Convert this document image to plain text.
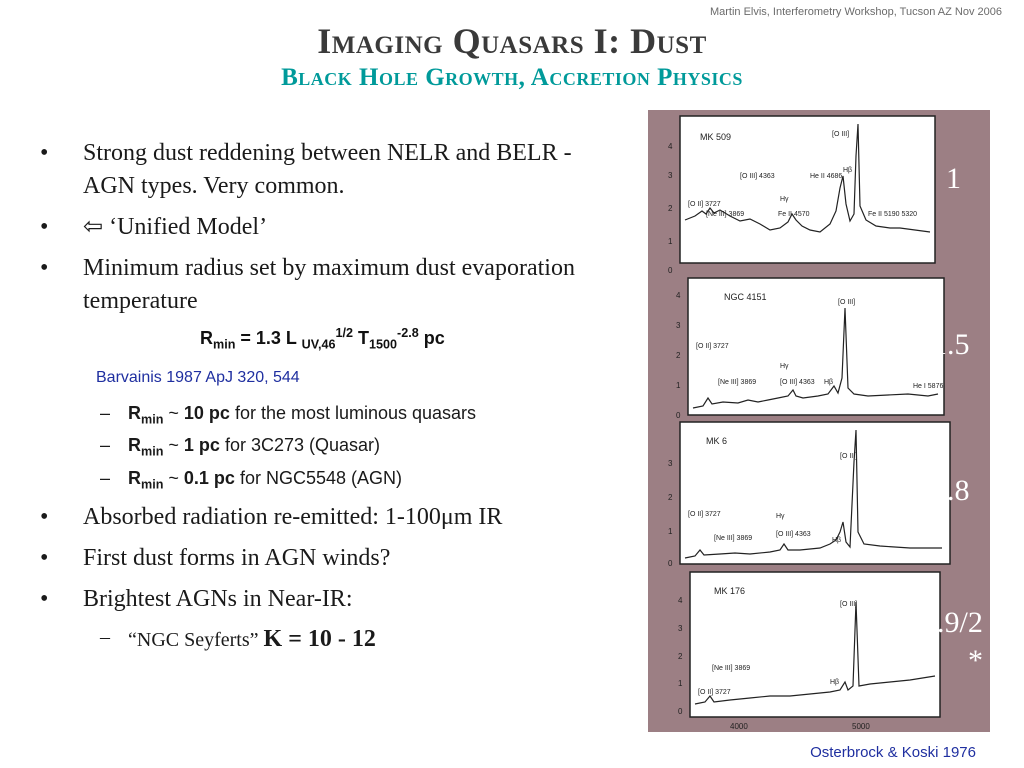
Martin Elvis, Interferometry Workshop, Tucson AZ Nov 2006
Imaging Quasars I: Dust
Black Hole Growth, Accretion Physics
• Strong dust reddening between NELR and BELR - AGN types. Very common.
• ⇦ ‘Unified Model’
• Minimum radius set by maximum dust evaporation temperature
$R_{min} = 1.3$ L $_{UV,46}^{1/2}$ $T_{1500}^{-2.8}$ pc
Barvainis 1987 ApJ 320, 544
– $R_{min}$ ~ 10 pc for the most luminous quasars
– $R_{min}$ ~ 1 pc for 3C273 (Quasar)
– $R_{min}$ ~ 0.1 pc for NGC5548 (AGN)
• Absorbed radiation re-emitted: 1-100μm IR
• First dust forms in AGN winds?
• Brightest AGNs in Near-IR:
– “NGC Seyferts” K = 10 - 12
MK 509
1
2
3
4
0
[O III]
[O II] 3727
[Ne III] 3869
[O III] 4363
Hγ
Fe II 4570
He II 4686
Hβ
Fe II 5190 5320
NGC 4151
1
2
3
4
0
[O III]
[O II] 3727
[Ne III] 3869
Hγ
[O III] 4363 Hβ
He I 5876
MK 6
1
2
3
0
[O III]
[O II] 3727
[Ne III] 3869
Hγ
[O III] 4363
Hβ
MK 176
1
2
3
4
0
[O III]
[Ne III] 3869
[O II] 3727
Hβ
4000	5000
1
1.5
1.8
1.9/2
*
Osterbrock & Koski 1976
